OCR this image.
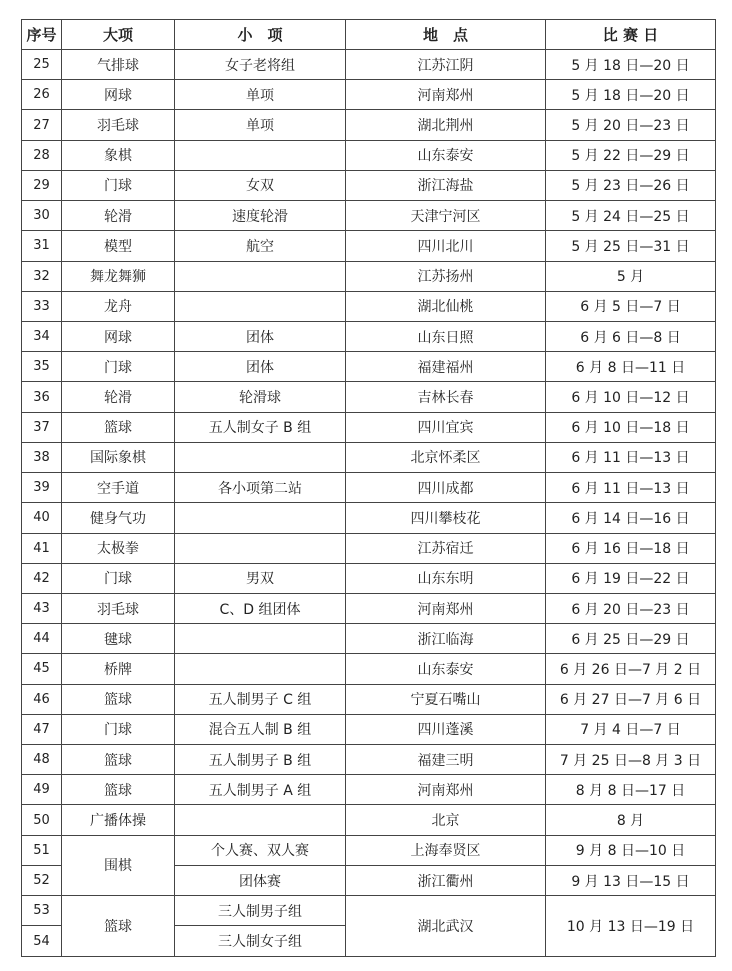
序号	大项	小　项	地　点	比 赛 日
25	气排球	女子老将组	江苏江阴	5 月 18 日—20 日
26	网球	单项	河南郑州	5 月 18 日—20 日
27	羽毛球	单项	湖北荆州	5 月 20 日—23 日
28	象棋		山东泰安	5 月 22 日—29 日
29	门球	女双	浙江海盐	5 月 23 日—26 日
30	轮滑	速度轮滑	天津宁河区	5 月 24 日—25 日
31	模型	航空	四川北川	5 月 25 日—31 日
32	舞龙舞狮		江苏扬州	5 月
33	龙舟		湖北仙桃	6 月 5 日—7 日
34	网球	团体	山东日照	6 月 6 日—8 日
35	门球	团体	福建福州	6 月 8 日—11 日
36	轮滑	轮滑球	吉林长春	6 月 10 日—12 日
37	篮球	五人制女子 B 组	四川宜宾	6 月 10 日—18 日
38	国际象棋		北京怀柔区	6 月 11 日—13 日
39	空手道	各小项第二站	四川成都	6 月 11 日—13 日
40	健身气功		四川攀枝花	6 月 14 日—16 日
41	太极拳		江苏宿迁	6 月 16 日—18 日
42	门球	男双	山东东明	6 月 19 日—22 日
43	羽毛球	C、D 组团体	河南郑州	6 月 20 日—23 日
44	毽球		浙江临海	6 月 25 日—29 日
45	桥牌		山东泰安	6 月 26 日—7 月 2 日
46	篮球	五人制男子 C 组	宁夏石嘴山	6 月 27 日—7 月 6 日
47	门球	混合五人制 B 组	四川蓬溪	7 月 4 日—7 日
48	篮球	五人制男子 B 组	福建三明	7 月 25 日—8 月 3 日
49	篮球	五人制男子 A 组	河南郑州	8 月 8 日—17 日
50	广播体操		北京	8 月
51	围棋	个人赛、双人赛	上海奉贤区	9 月 8 日—10 日
52		团体赛	浙江衢州	9 月 13 日—15 日
53	篮球	三人制男子组	湖北武汉	10 月 13 日—19 日
54		三人制女子组		
